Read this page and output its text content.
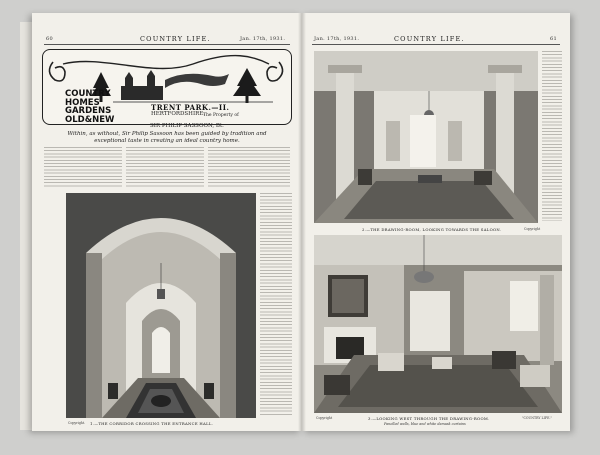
60	COUNTRY LIFE.	Jan. 17th, 1931.
COUNTRY
HOMES
GARDENS
OLD&NEW
TRENT PARK.—II.
HERTFORDSHIRE.
The Property of
SIR PHILIP SASSOON, Bt.
Within, as without, Sir Philip Sassoon has been guided by tradition and exceptional taste in creating an ideal country home.
Copyright. 1.—THE CORRIDOR CROSSING THE ENTRANCE HALL.
Jan. 17th, 1931.	COUNTRY LIFE.	61
2.—THE DRAWING-ROOM, LOOKING TOWARDS THE SALOON.	Copyright
Copyright	3.—LOOKING WEST THROUGH THE DRAWING-ROOM.	"COUNTRY LIFE."
Panelled walls, blue and white damask curtains
